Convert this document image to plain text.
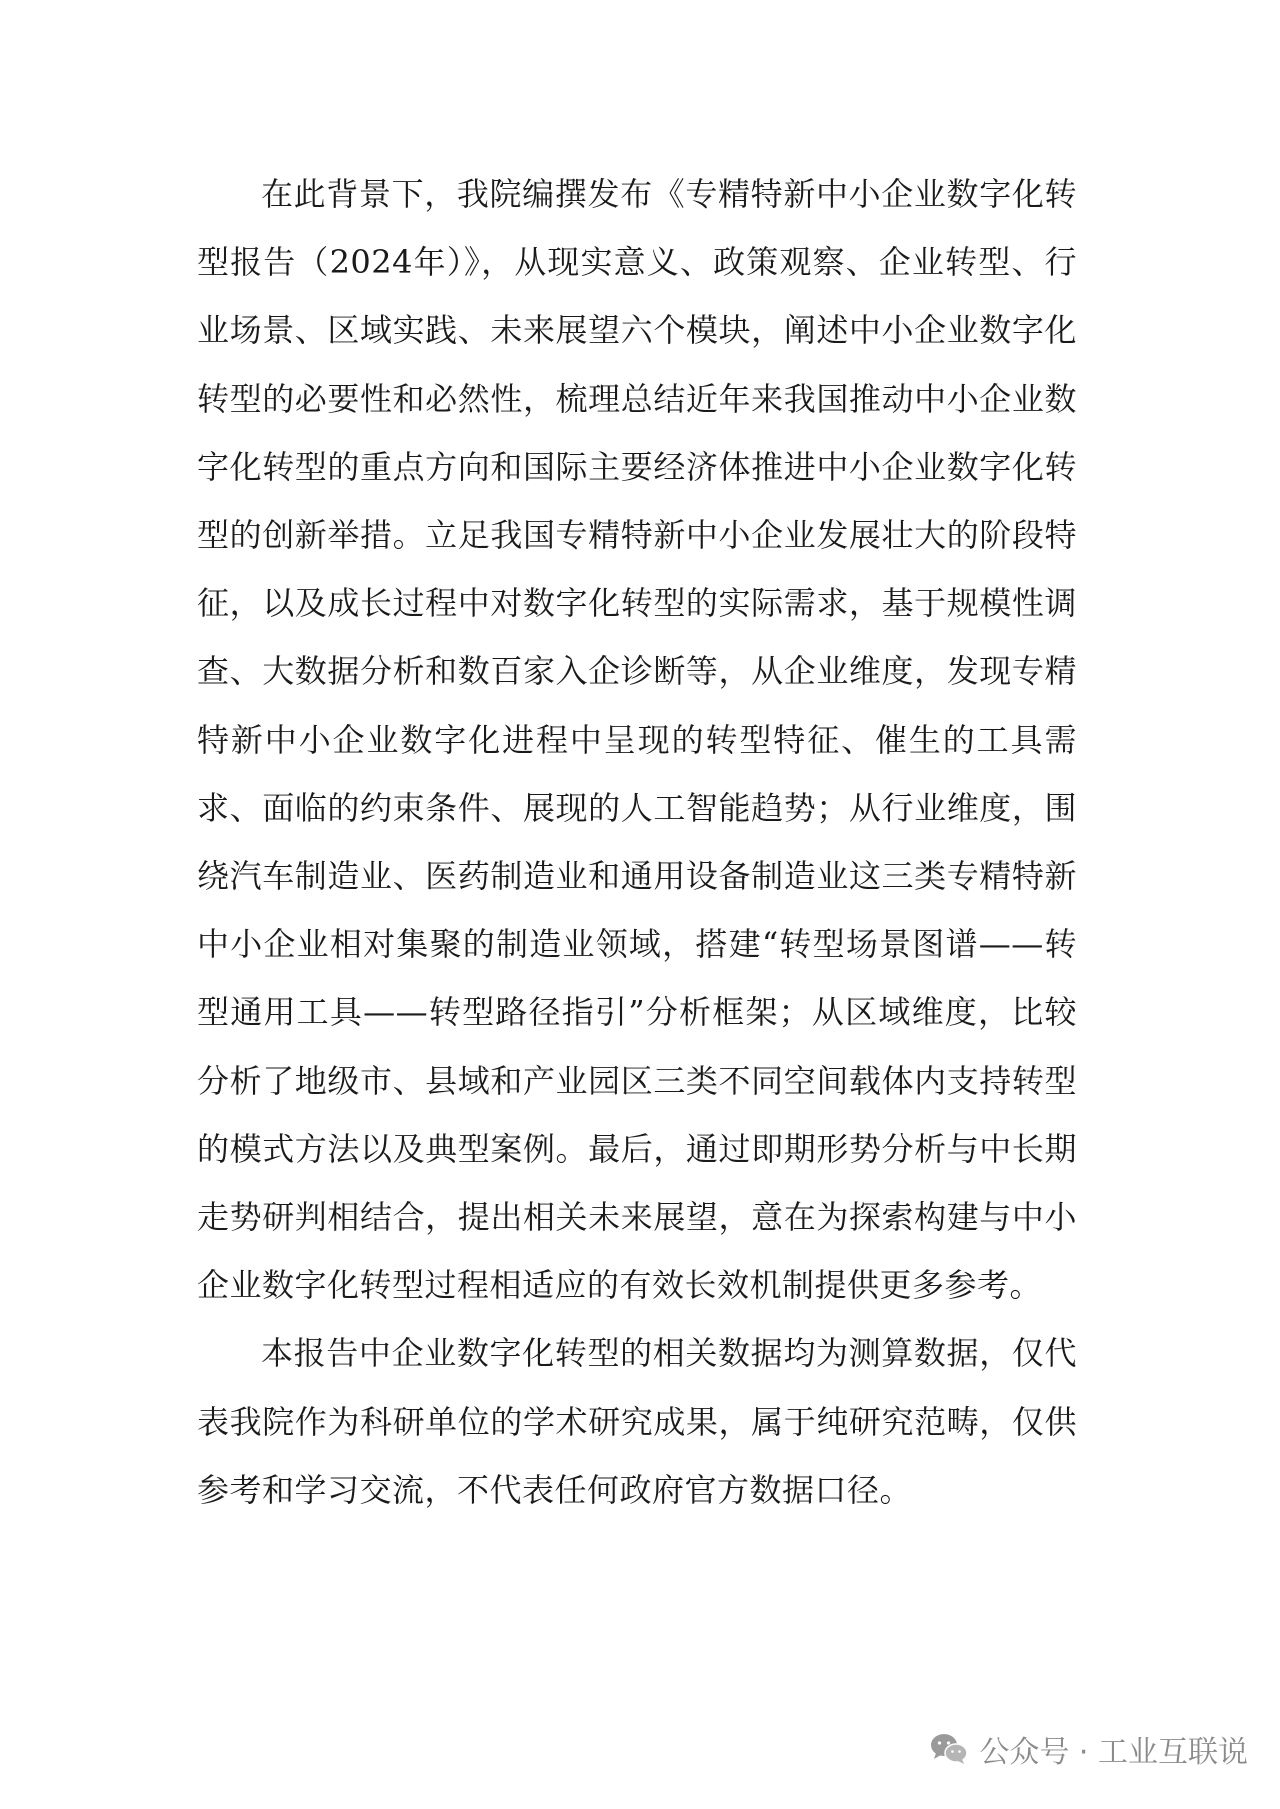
在此背景下，我院编撰发布《专精特新中小企业数字化转型报告（2024年）》，从现实意义、政策观察、企业转型、行业场景、区域实践、未来展望六个模块，阐述中小企业数字化转型的必要性和必然性，梳理总结近年来我国推动中小企业数字化转型的重点方向和国际主要经济体推进中小企业数字化转型的创新举措。立足我国专精特新中小企业发展壮大的阶段特征，以及成长过程中对数字化转型的实际需求，基于规模性调查、大数据分析和数百家入企诊断等，从企业维度，发现专精特新中小企业数字化进程中呈现的转型特征、催生的工具需求、面临的约束条件、展现的人工智能趋势；从行业维度，围绕汽车制造业、医药制造业和通用设备制造业这三类专精特新中小企业相对集聚的制造业领域，搭建“转型场景图谱——转型通用工具——转型路径指引”分析框架；从区域维度，比较分析了地级市、县域和产业园区三类不同空间载体内支持转型的模式方法以及典型案例。最后，通过即期形势分析与中长期走势研判相结合，提出相关未来展望，意在为探索构建与中小企业数字化转型过程相适应的有效长效机制提供更多参考。

本报告中企业数字化转型的相关数据均为测算数据，仅代表我院作为科研单位的学术研究成果，属于纯研究范畴，仅供参考和学习交流，不代表任何政府官方数据口径。

公众号 · 工业互联说
